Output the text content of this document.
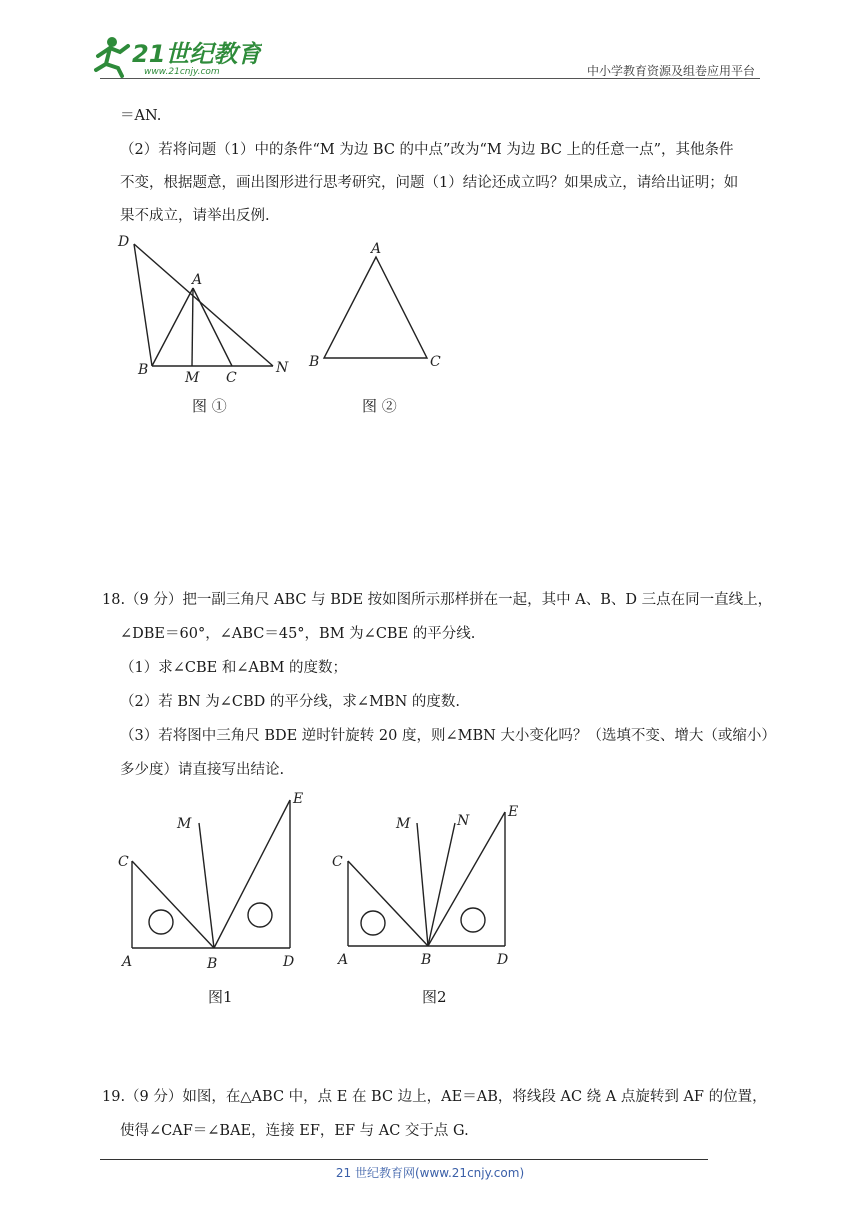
21世纪教育
www.21cnjy.com	中小学教育资源及组卷应用平台
＝AN.
（2）若将问题（1）中的条件“M 为边 BC 的中点”改为“M 为边 BC 上的任意一点”，其他条件
不变，根据题意，画出图形进行思考研究，问题（1）结论还成立吗？如果成立，请给出证明；如
果不成立，请举出反例.
D
A
B	M C
N
图 ①
A
B	C
图 ②
18.（9 分）把一副三角尺 ABC 与 BDE 按如图所示那样拼在一起，其中 A、B、D 三点在同一直线上，
∠DBE＝60°，∠ABC＝45°，BM 为∠CBE 的平分线.
（1）求∠CBE 和∠ABM 的度数；
（2）若 BN 为∠CBD 的平分线，求∠MBN 的度数.
（3）若将图中三角尺 BDE 逆时针旋转 20 度，则∠MBN 大小变化吗？（选填不变、增大（或缩小）
多少度）请直接写出结论.
M
E
C
A	B	D
图1
M	N
E
C
A	B	D
图2
19.（9 分）如图，在△ABC 中，点 E 在 BC 边上，AE＝AB，将线段 AC 绕 A 点旋转到 AF 的位置，
使得∠CAF＝∠BAE，连接 EF，EF 与 AC 交于点 G.
21 世纪教育网(www.21cnjy.com)
